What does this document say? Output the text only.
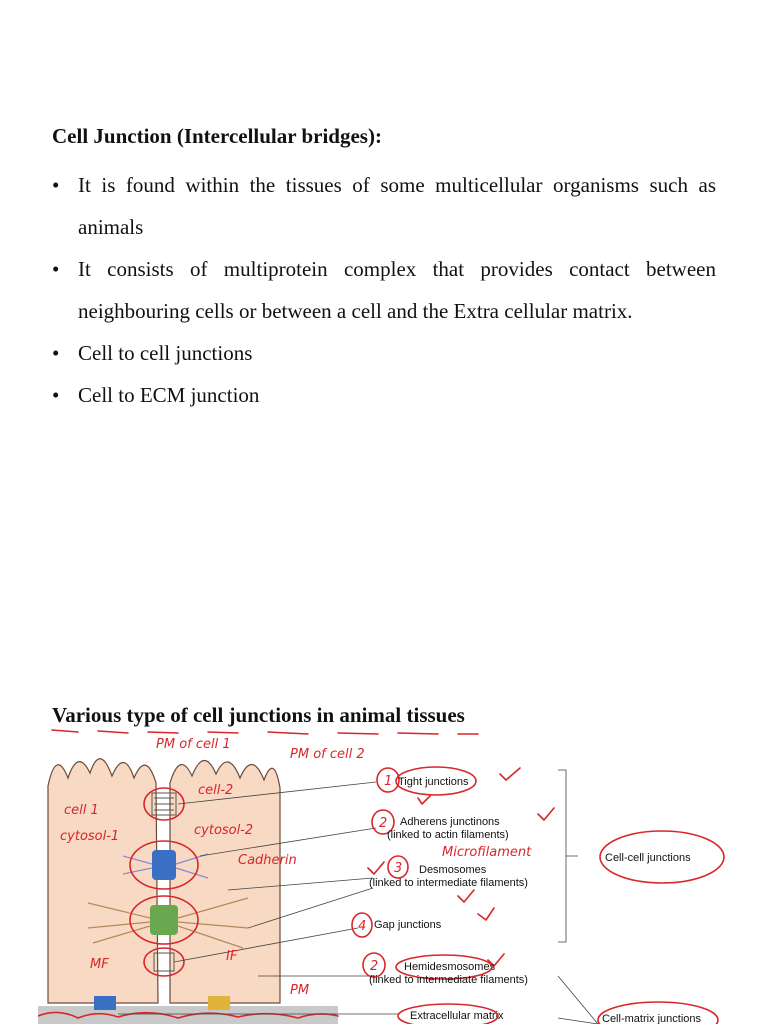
Cell Junction (Intercellular bridges):
• It is found within the tissues of some multicellular organisms such as animals
• It consists of multiprotein complex that provides contact between neighbouring cells or between a cell and the Extra cellular matrix.
• Cell to cell junctions
• Cell to ECM junction
Various type of cell junctions in animal tissues
PM of cell 1
PM of cell 2
cell-2
cell 1
cytosol-1	cytosol-2
Cadherin
Microfilament
MF
IF
PM
1
2
3
4
2
Tight junctions
Adherens junctinons
(linked to actin filaments)
Desmosomes
(linked to intermediate filaments)
Gap junctions
Hemidesmosomes
(linked to intermediate filaments)
Extracellular matrix
Cell-cell junctions
Cell-matrix junctions
